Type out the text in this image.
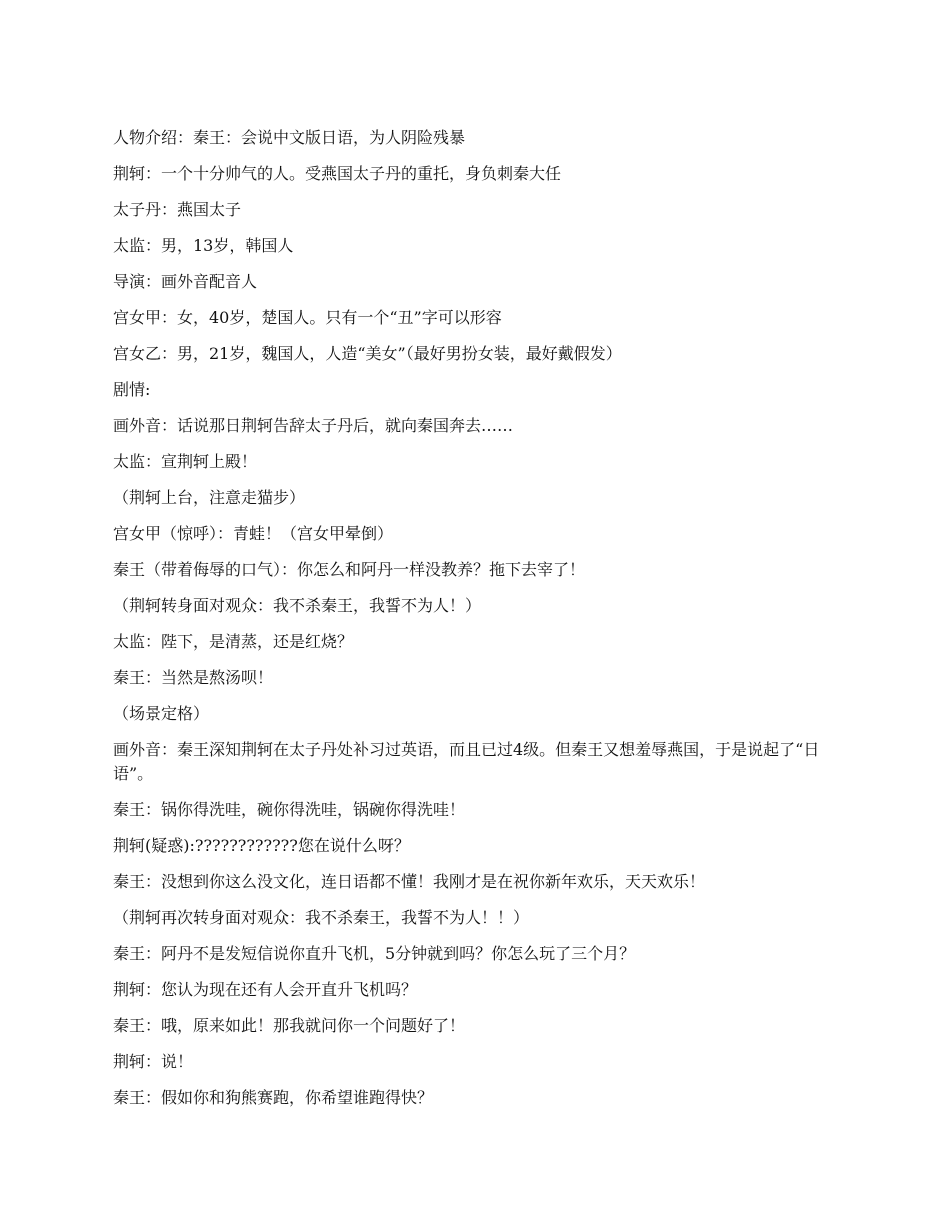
人物介绍：秦王：会说中文版日语，为人阴险残暴

荆轲：一个十分帅气的人。受燕国太子丹的重托，身负刺秦大任

太子丹：燕国太子

太监：男，13岁，韩国人

导演：画外音配音人

宫女甲：女，40岁，楚国人。只有一个“丑”字可以形容

宫女乙：男，21岁，魏国人，人造“美女”（最好男扮女装，最好戴假发）

剧情:

画外音：话说那日荆轲告辞太子丹后，就向秦国奔去……

太监：宣荆轲上殿！

（荆轲上台，注意走猫步）

宫女甲（惊呼）：青蛙！（宫女甲晕倒）

秦王（带着侮辱的口气）：你怎么和阿丹一样没教养？拖下去宰了！

（荆轲转身面对观众：我不杀秦王，我誓不为人！）

太监：陛下，是清蒸，还是红烧？

秦王：当然是熬汤呗！

（场景定格）

画外音：秦王深知荆轲在太子丹处补习过英语，而且已过4级。但秦王又想羞辱燕国，于是说起了“日语”。

秦王：锅你得洗哇，碗你得洗哇，锅碗你得洗哇！

荆轲(疑惑):????????????您在说什么呀？

秦王：没想到你这么没文化，连日语都不懂！我刚才是在祝你新年欢乐，天天欢乐！

（荆轲再次转身面对观众：我不杀秦王，我誓不为人！！）

秦王：阿丹不是发短信说你直升飞机，5分钟就到吗？你怎么玩了三个月？

荆轲：您认为现在还有人会开直升飞机吗？

秦王：哦，原来如此！那我就问你一个问题好了！

荆轲：说！

秦王：假如你和狗熊赛跑，你希望谁跑得快？
